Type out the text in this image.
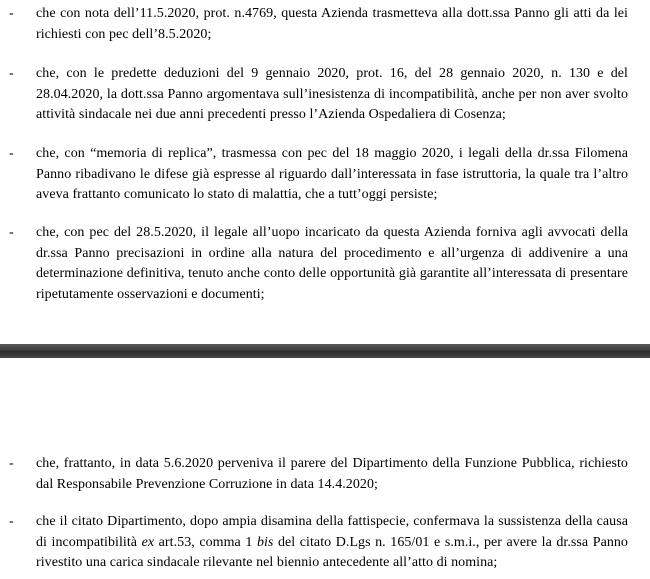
- che con nota dell’11.5.2020, prot. n.4769, questa Azienda trasmetteva alla dott.ssa Panno gli atti da lei richiesti con pec dell’8.5.2020;

- che, con le predette deduzioni del 9 gennaio 2020, prot. 16, del 28 gennaio 2020, n. 130 e del 28.04.2020, la dott.ssa Panno argomentava sull’inesistenza di incompatibilità, anche per non aver svolto attività sindacale nei due anni precedenti presso l’Azienda Ospedaliera di Cosenza;

- che, con “memoria di replica”, trasmessa con pec del 18 maggio 2020, i legali della dr.ssa Filomena Panno ribadivano le difese già espresse al riguardo dall’interessata in fase istruttoria, la quale tra l’altro aveva frattanto comunicato lo stato di malattia, che a tutt’oggi persiste;

- che, con pec del 28.5.2020, il legale all’uopo incaricato da questa Azienda forniva agli avvocati della dr.ssa Panno precisazioni in ordine alla natura del procedimento e all’urgenza di addivenire a una determinazione definitiva, tenuto anche conto delle opportunità già garantite all’interessata di presentare ripetutamente osservazioni e documenti;

- che, frattanto, in data 5.6.2020 perveniva il parere del Dipartimento della Funzione Pubblica, richiesto dal Responsabile Prevenzione Corruzione in data 14.4.2020;

- che il citato Dipartimento, dopo ampia disamina della fattispecie, confermava la sussistenza della causa di incompatibilità ex art.53, comma 1 bis del citato D.Lgs n. 165/01 e s.m.i., per avere la dr.ssa Panno rivestito una carica sindacale rilevante nel biennio antecedente all’atto di nomina;
